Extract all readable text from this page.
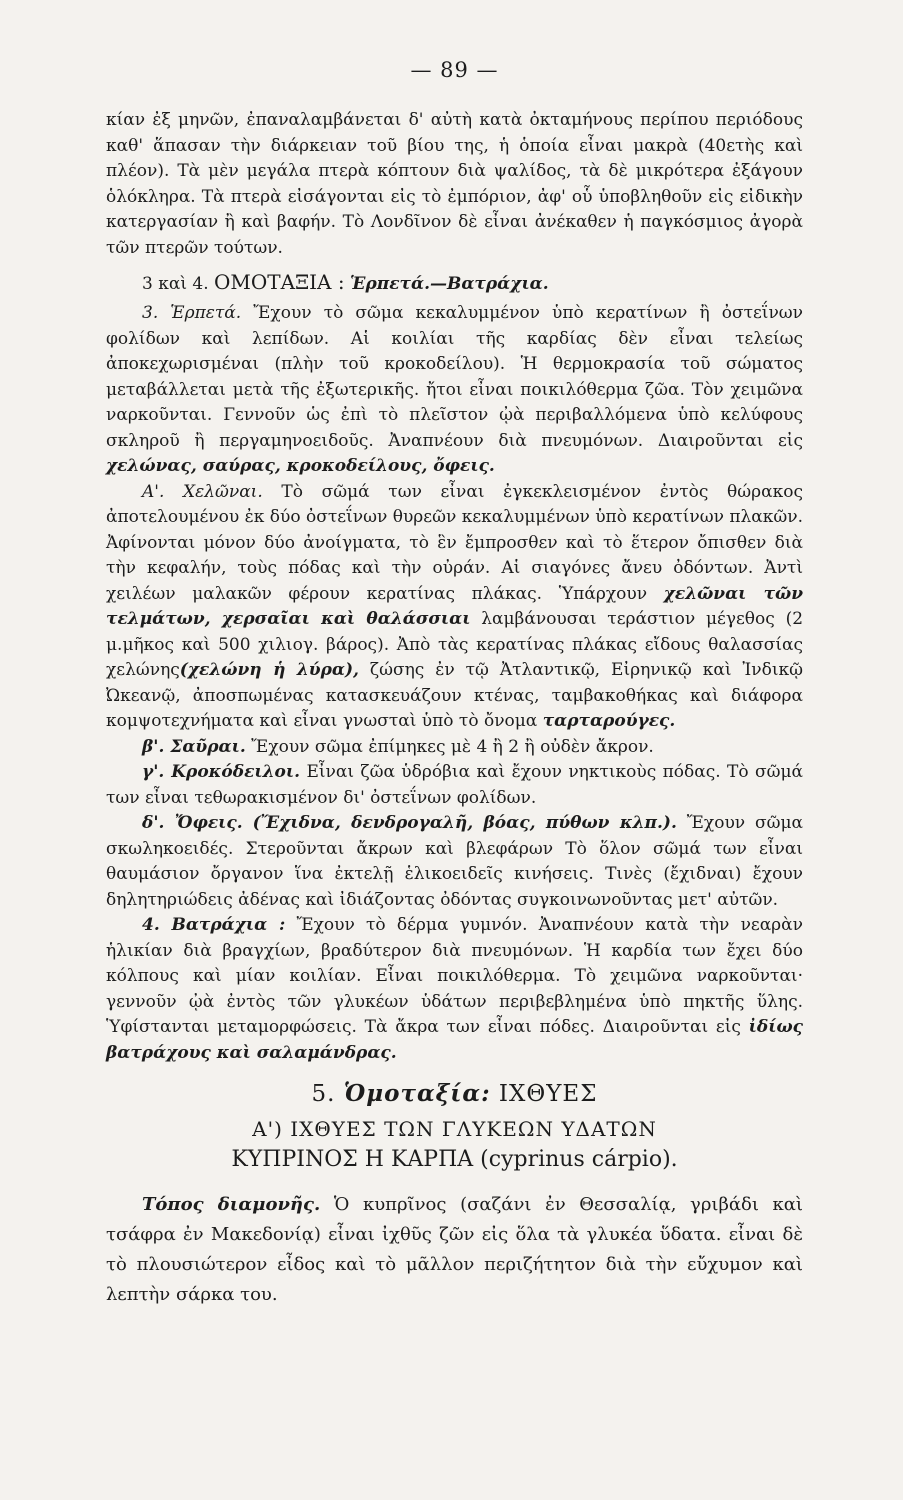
— 89 —

κίαν ἐξ μηνῶν, ἐπαναλαμβάνεται δ' αὐτὴ κατὰ ὀκταμήνους περίπου περιόδους καθ' ἅπασαν τὴν διάρκειαν τοῦ βίου της, ἡ ὁποία εἶναι μακρὰ (40ετὴς καὶ πλέον). Τὰ μὲν μεγάλα πτερὰ κόπτουν διὰ ψαλίδος, τὰ δὲ μικρότερα ἐξάγουν ὁλόκληρα. Τὰ πτερὰ εἰσάγονται εἰς τὸ ἐμπόριον, ἀφ' οὗ ὑποβληθοῦν εἰς εἰδικὴν κατεργασίαν ἢ καὶ βαφήν. Τὸ Λονδῖνον δὲ εἶναι ἀνέκαθεν ἡ παγκόσμιος ἀγορὰ τῶν πτερῶν τούτων.

3 καὶ 4. ΟΜΟΤΑΞΙΑ : Ἑρπετά.—Βατράχια.

3. Ἑρπετά. Ἔχουν τὸ σῶμα κεκαλυμμένον ὑπὸ κερατίνων ἢ ὀστεΐνων φολίδων καὶ λεπίδων. Αἱ κοιλίαι τῆς καρδίας δὲν εἶναι τελείως ἀποκεχωρισμέναι (πλὴν τοῦ κροκοδείλου). Ἡ θερμοκρασία τοῦ σώματος μεταβάλλεται μετὰ τῆς ἐξωτερικῆς. ἤτοι εἶναι ποικιλόθερμα ζῶα. Τὸν χειμῶνα ναρκοῦνται. Γεννοῦν ὡς ἐπὶ τὸ πλεῖστον ᾠὰ περιβαλλόμενα ὑπὸ κελύφους σκληροῦ ἢ περγαμηνοειδοῦς. Ἀναπνέουν διὰ πνευμόνων. Διαιροῦνται εἰς χελώνας, σαύρας, κροκοδείλους, ὄφεις.

Α'. Χελῶναι. Τὸ σῶμά των εἶναι ἐγκεκλεισμένον ἐντὸς θώρακος ἀποτελουμένου ἐκ δύο ὀστεΐνων θυρεῶν κεκαλυμμένων ὑπὸ κερατίνων πλακῶν. Ἀφίνονται μόνον δύο ἀνοίγματα, τὸ ἓν ἔμπροσθεν καὶ τὸ ἕτερον ὄπισθεν διὰ τὴν κεφαλήν, τοὺς πόδας καὶ τὴν οὐράν. Αἱ σιαγόνες ἄνευ ὀδόντων. Ἀντὶ χειλέων μαλακῶν φέρουν κερατίνας πλάκας. Ὑπάρχουν χελῶναι τῶν τελμάτων, χερσαῖαι καὶ θαλάσσιαι λαμβάνουσαι τεράστιον μέγεθος (2 μ.μῆκος καὶ 500 χιλιογ. βάρος). Ἀπὸ τὰς κερατίνας πλάκας εἴδους θαλασσίας χελώνης(χελώνη ἡ λύρα), ζώσης ἐν τῷ Ἀτλαντικῷ, Εἰρηνικῷ καὶ Ἰνδικῷ Ὠκεανῷ, ἀποσπωμένας κατασκευάζουν κτένας, ταμβακοθήκας καὶ διάφορα κομψοτεχνήματα καὶ εἶναι γνωσταὶ ὑπὸ τὸ ὄνομα ταρταρούγες.

β'. Σαῦραι. Ἔχουν σῶμα ἐπίμηκες μὲ 4 ἢ 2 ἢ οὐδὲν ἄκρον.

γ'. Κροκόδειλοι. Εἶναι ζῶα ὑδρόβια καὶ ἔχουν νηκτικοὺς πόδας. Τὸ σῶμά των εἶναι τεθωρακισμένον δι' ὀστεΐνων φολίδων.

δ'. Ὄφεις. (Ἔχιδνα, δενδρογαλῆ, βόας, πύθων κλπ.). Ἔχουν σῶμα σκωληκοειδές. Στεροῦνται ἄκρων καὶ βλεφάρων Τὸ ὅλον σῶμά των εἶναι θαυμάσιον ὄργανον ἵνα ἐκτελῇ ἑλικοειδεῖς κινήσεις. Τινὲς (ἔχιδναι) ἔχουν δηλητηριώδεις ἀδένας καὶ ἰδιάζοντας ὀδόντας συγκοινωνοῦντας μετ' αὐτῶν.

4. Βατράχια : Ἔχουν τὸ δέρμα γυμνόν. Ἀναπνέουν κατὰ τὴν νεαρὰν ἡλικίαν διὰ βραγχίων, βραδύτερον διὰ πνευμόνων. Ἡ καρδία των ἔχει δύο κόλπους καὶ μίαν κοιλίαν. Εἶναι ποικιλόθερμα. Τὸ χειμῶνα ναρκοῦνται· γεννοῦν ᾠὰ ἐντὸς τῶν γλυκέων ὑδάτων περιβεβλημένα ὑπὸ πηκτῆς ὕλης. Ὑφίστανται μεταμορφώσεις. Τὰ ἄκρα των εἶναι πόδες. Διαιροῦνται εἰς ἰδίως βατράχους καὶ σαλαμάνδρας.

5. Ὁμοταξία: ΙΧΘΥΕΣ
Α') ΙΧΘΥΕΣ ΤΩΝ ΓΛΥΚΕΩΝ ΥΔΑΤΩΝ
ΚΥΠΡΙΝΟΣ Η ΚΑΡΠΑ (cyprinus cárpio).

Τόπος διαμονῆς. Ὁ κυπρῖνος (σαζάνι ἐν Θεσσαλίᾳ, γριβάδι καὶ τσάφρα ἐν Μακεδονίᾳ) εἶναι ἰχθῦς ζῶν εἰς ὅλα τὰ γλυκέα ὕδατα. εἶναι δὲ τὸ πλουσιώτερον εἶδος καὶ τὸ μᾶλλον περιζήτητον διὰ τὴν εὔχυμον καὶ λεπτὴν σάρκα του.
